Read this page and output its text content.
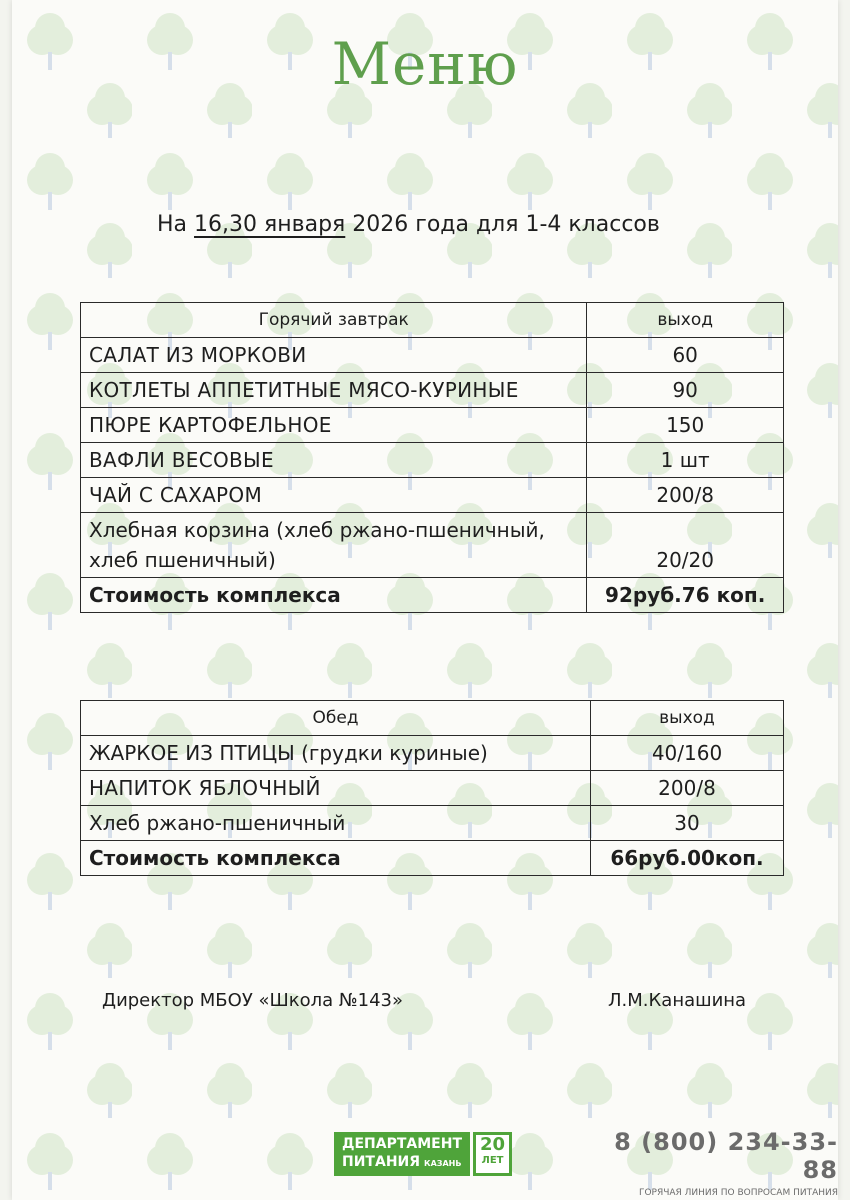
Меню
На 16,30 января 2026 года для 1-4 классов
Горячий завтрак	выход
САЛАТ ИЗ МОРКОВИ	60
КОТЛЕТЫ АППЕТИТНЫЕ МЯСО-КУРИНЫЕ	90
ПЮРЕ КАРТОФЕЛЬНОЕ	150
ВАФЛИ ВЕСОВЫЕ	1 шт
ЧАЙ С САХАРОМ	200/8
Хлебная корзина (хлеб ржано-пшеничный, хлеб пшеничный)	20/20
Стоимость комплекса	92руб.76 коп.
Обед	выход
ЖАРКОЕ ИЗ ПТИЦЫ (грудки куриные)	40/160
НАПИТОК ЯБЛОЧНЫЙ	200/8
Хлеб ржано-пшеничный	30
Стоимость комплекса	66руб.00коп.
Директор МБОУ «Школа №143»	Л.М.Канашина
ДЕПАРТАМЕНТ
ПИТАНИЯ КАЗАНЬ
20
ЛЕТ
8 (800) 234-33-88
ГОРЯЧАЯ ЛИНИЯ ПО ВОПРОСАМ ПИТАНИЯ
